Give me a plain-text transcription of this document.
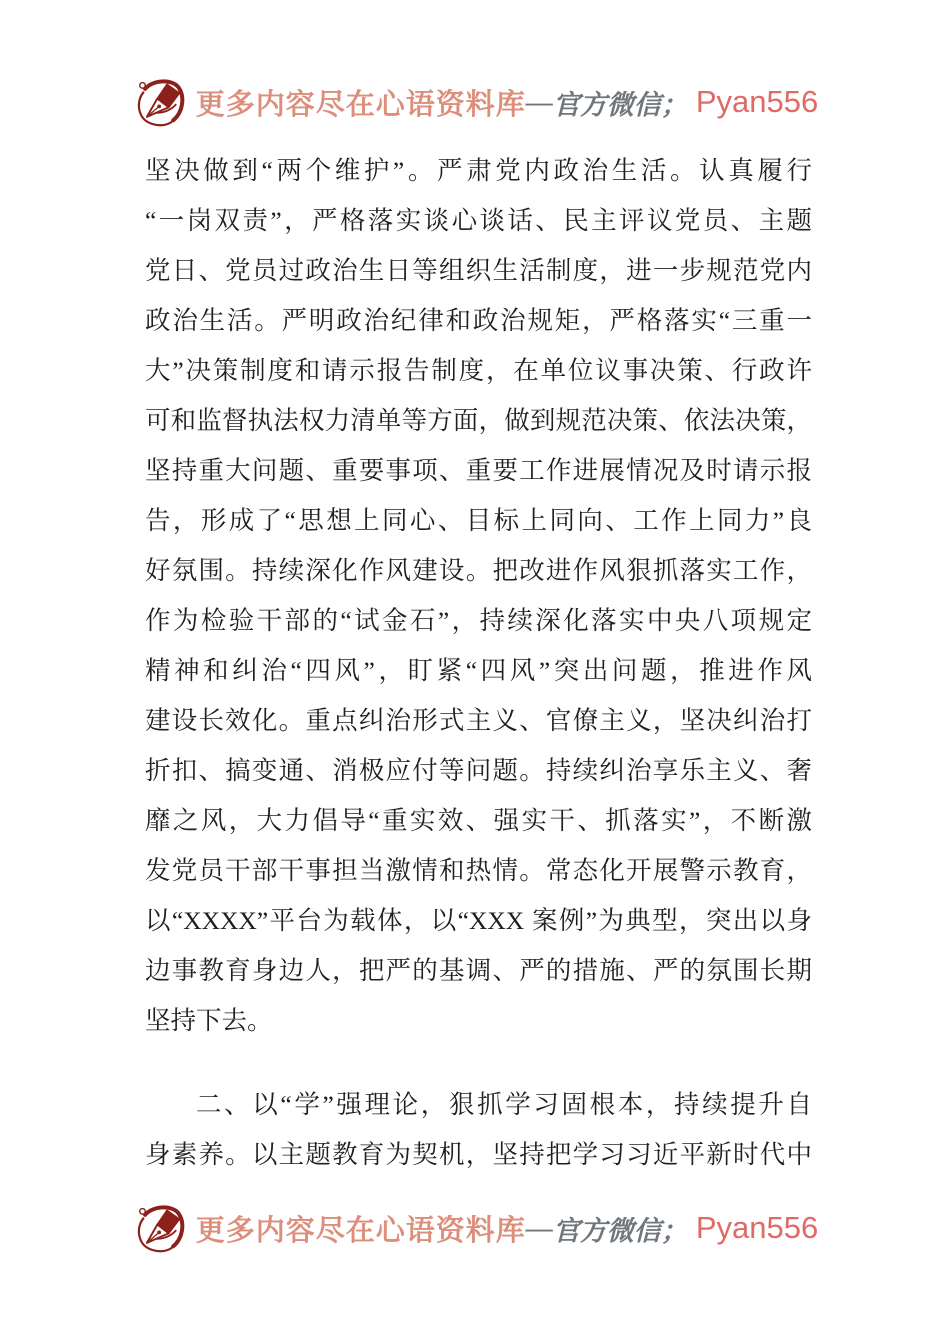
更多内容尽在心语资料库 — 官方微信； Pyan556
坚决做到“两个维护”。严肃党内政治生活。认真履行
“一岗双责”，严格落实谈心谈话、民主评议党员、主题
党日、党员过政治生日等组织生活制度，进一步规范党内
政治生活。严明政治纪律和政治规矩，严格落实“三重一
大”决策制度和请示报告制度，在单位议事决策、行政许
可和监督执法权力清单等方面，做到规范决策、依法决策，
坚持重大问题、重要事项、重要工作进展情况及时请示报
告，形成了“思想上同心、目标上同向、工作上同力”良
好氛围。持续深化作风建设。把改进作风狠抓落实工作，
作为检验干部的“试金石”，持续深化落实中央八项规定
精神和纠治“四风”，盯紧“四风”突出问题，推进作风
建设长效化。重点纠治形式主义、官僚主义，坚决纠治打
折扣、搞变通、消极应付等问题。持续纠治享乐主义、奢
靡之风，大力倡导“重实效、强实干、抓落实”，不断激
发党员干部干事担当激情和热情。常态化开展警示教育，
以“XXXX”平台为载体，以“XXX 案例”为典型，突出以身
边事教育身边人，把严的基调、严的措施、严的氛围长期
坚持下去。
二、以“学”强理论，狠抓学习固根本，持续提升自
身素养。以主题教育为契机，坚持把学习习近平新时代中
更多内容尽在心语资料库 — 官方微信； Pyan556
